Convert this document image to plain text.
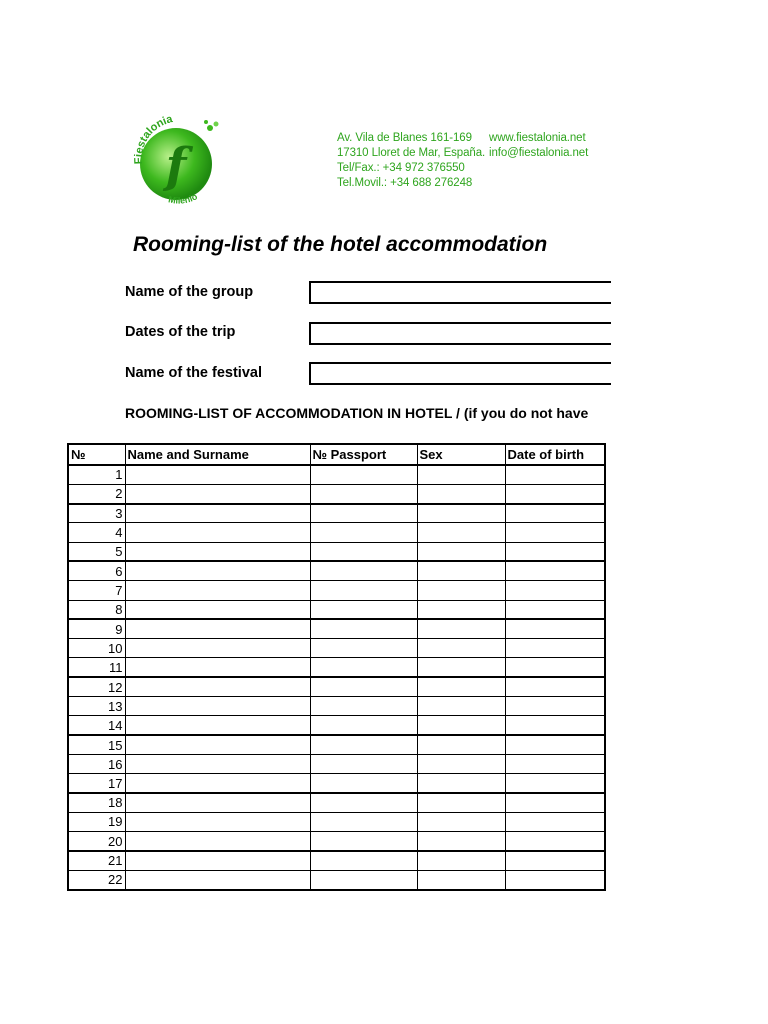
Fiestalonia
Milenio
f	Av. Vila de Blanes 161-169
17310 Lloret de Mar, España.
Tel/Fax.: +34 972 376550
Tel.Movil.: +34 688 276248
www.fiestalonia.net
info@fiestalonia.net
Rooming-list of the hotel accommodation
Name of the group
Dates of the trip
Name of the festival
ROOMING-LIST OF ACCOMMODATION IN HOTEL / (if you do not have
№	Name and Surname	№ Passport	Sex	Date of birth
1				
2				
3				
4				
5				
6				
7				
8				
9				
10				
11				
12				
13				
14				
15				
16				
17				
18				
19				
20				
21				
22				
